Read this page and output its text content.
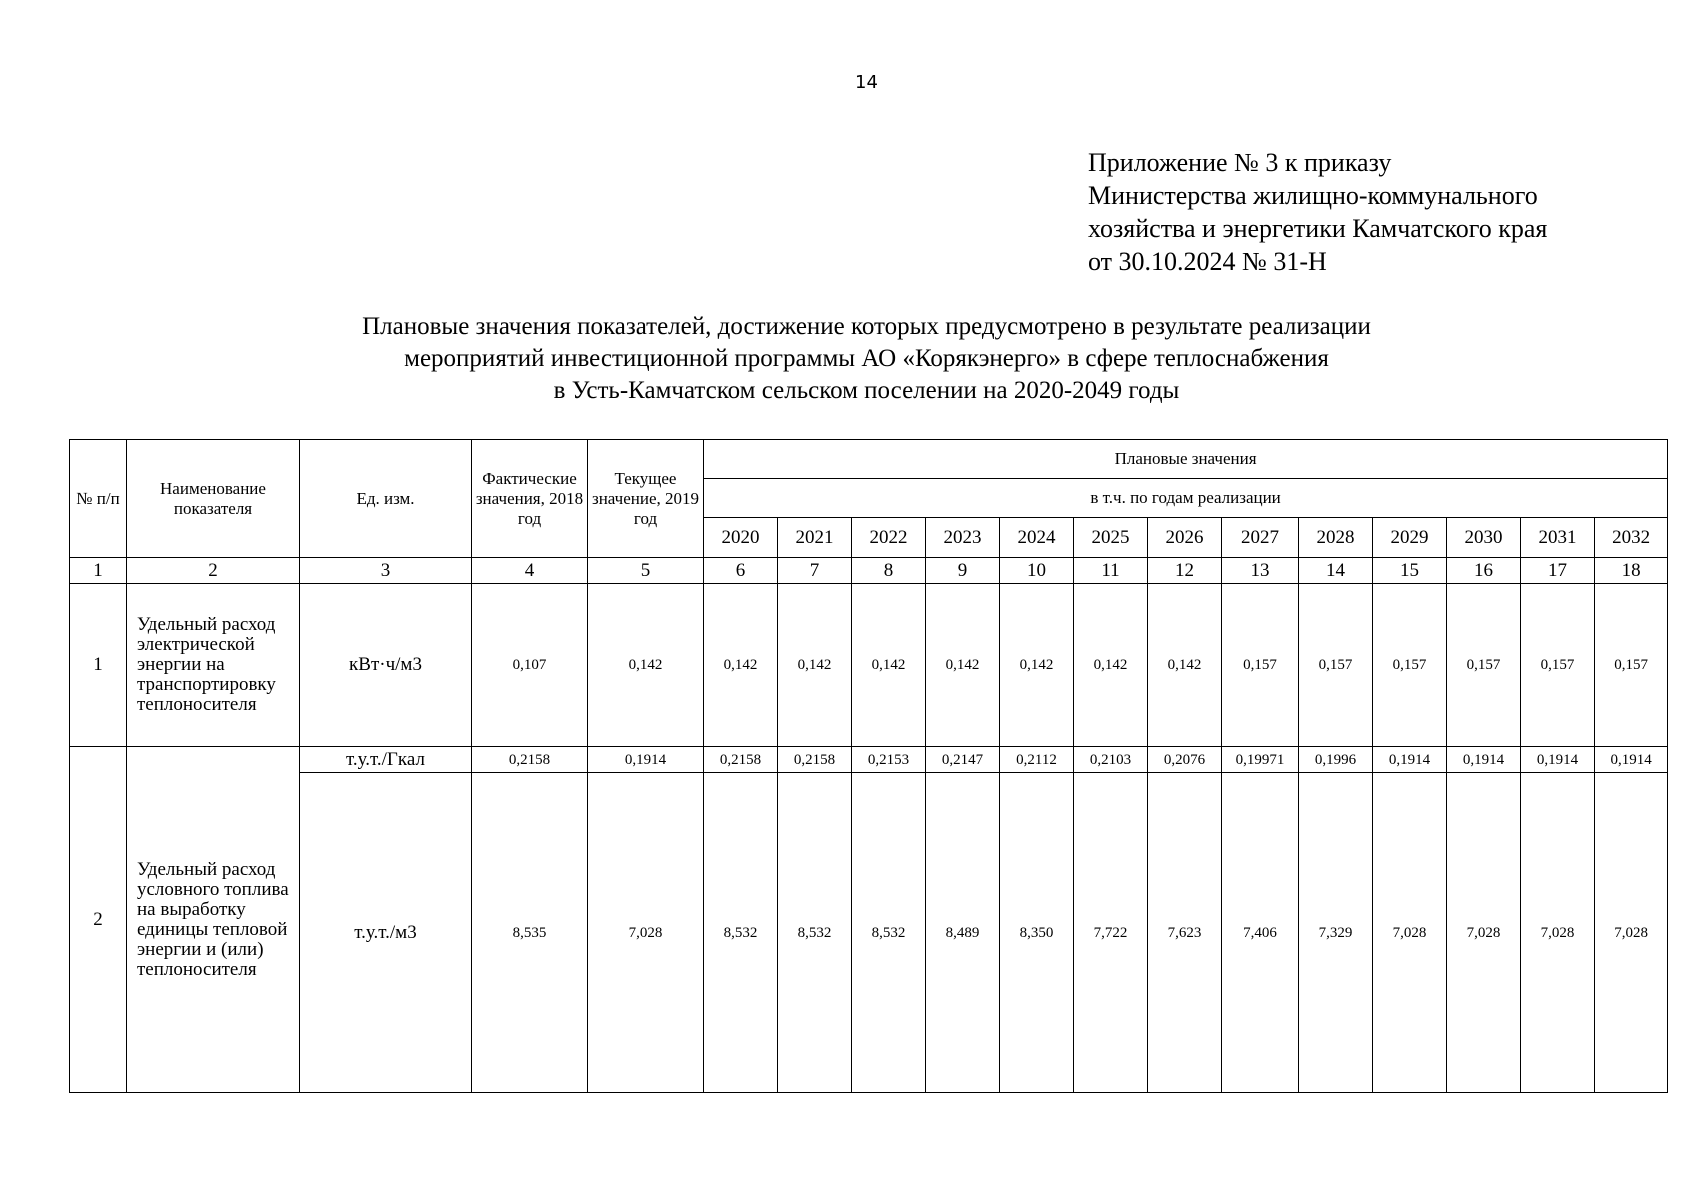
14
Приложение № 3 к приказу
Министерства жилищно-коммунального
хозяйства и энергетики Камчатского края
от 30.10.2024 № 31-Н
Плановые значения показателей, достижение которых предусмотрено в результате реализации
мероприятий инвестиционной программы АО «Корякэнерго» в сфере теплоснабжения
в Усть-Камчатском сельском поселении на 2020-2049 годы
№ п/п	Наименование показателя	Ед. изм.	Фактические значения, 2018 год	Текущее значение, 2019 год	Плановые значения												
					в т.ч. по годам реализации												
					2020	2021	2022	2023	2024	2025	2026	2027	2028	2029	2030	2031	2032
1	2	3	4	5	6	7	8	9	10	11	12	13	14	15	16	17	18
1	Удельный расход электрической энергии на транспортировку теплоносителя	кВт·ч/м3	0,107	0,142	0,142	0,142	0,142	0,142	0,142	0,142	0,142	0,157	0,157	0,157	0,157	0,157	0,157
2	Удельный расход условного топлива на выработку единицы тепловой энергии и (или) теплоносителя	т.у.т./Гкал	0,2158	0,1914	0,2158	0,2158	0,2153	0,2147	0,2112	0,2103	0,2076	0,19971	0,1996	0,1914	0,1914	0,1914	0,1914
		т.у.т./м3	8,535	7,028	8,532	8,532	8,532	8,489	8,350	7,722	7,623	7,406	7,329	7,028	7,028	7,028	7,028
